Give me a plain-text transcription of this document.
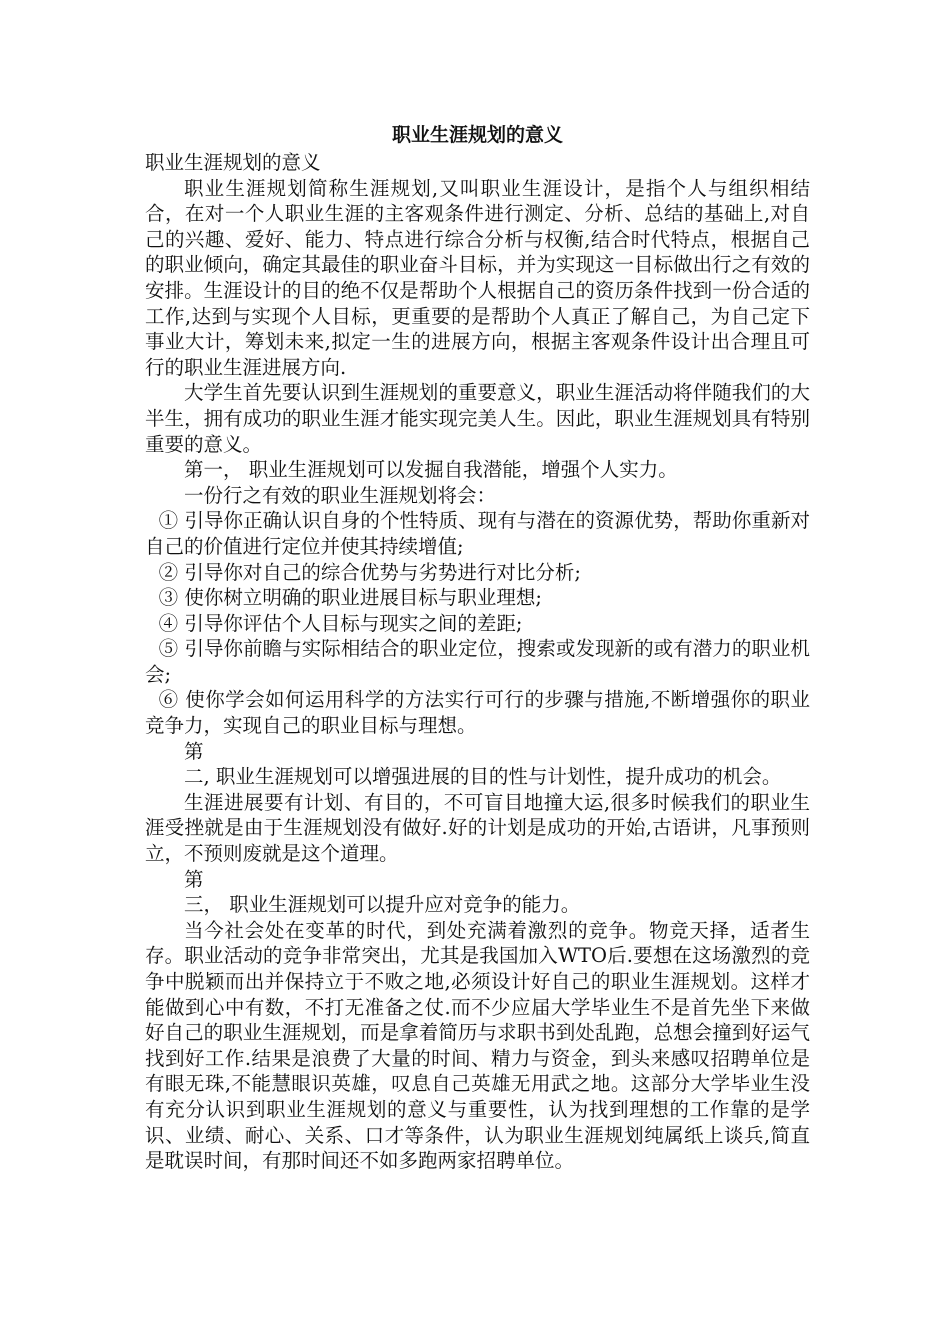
职业生涯规划的意义

职业生涯规划的意义

职业生涯规划简称生涯规划,又叫职业生涯设计，是指个人与组织相结合，在对一个人职业生涯的主客观条件进行测定、分析、总结的基础上,对自己的兴趣、爱好、能力、特点进行综合分析与权衡,结合时代特点，根据自己的职业倾向，确定其最佳的职业奋斗目标，并为实现这一目标做出行之有效的安排。生涯设计的目的绝不仅是帮助个人根据自己的资历条件找到一份合适的工作,达到与实现个人目标，更重要的是帮助个人真正了解自己，为自己定下事业大计，筹划未来,拟定一生的进展方向，根据主客观条件设计出合理且可行的职业生涯进展方向.

大学生首先要认识到生涯规划的重要意义，职业生涯活动将伴随我们的大半生，拥有成功的职业生涯才能实现完美人生。因此，职业生涯规划具有特别重要的意义。

第一， 职业生涯规划可以发掘自我潜能，增强个人实力。

一份行之有效的职业生涯规划将会：

① 引导你正确认识自身的个性特质、现有与潜在的资源优势，帮助你重新对自己的价值进行定位并使其持续增值;

② 引导你对自己的综合优势与劣势进行对比分析;

③ 使你树立明确的职业进展目标与职业理想;

④ 引导你评估个人目标与现实之间的差距;

⑤ 引导你前瞻与实际相结合的职业定位，搜索或发现新的或有潜力的职业机会;

⑥ 使你学会如何运用科学的方法实行可行的步骤与措施,不断增强你的职业竞争力，实现自己的职业目标与理想。

第

二, 职业生涯规划可以增强进展的目的性与计划性，提升成功的机会。

生涯进展要有计划、有目的，不可盲目地撞大运,很多时候我们的职业生涯受挫就是由于生涯规划没有做好.好的计划是成功的开始,古语讲，凡事预则立，不预则废就是这个道理。

第

三， 职业生涯规划可以提升应对竞争的能力。

当今社会处在变革的时代，到处充满着激烈的竞争。物竞天择，适者生存。职业活动的竞争非常突出，尤其是我国加入WTO后.要想在这场激烈的竞争中脱颖而出并保持立于不败之地,必须设计好自己的职业生涯规划。这样才能做到心中有数，不打无准备之仗.而不少应届大学毕业生不是首先坐下来做好自己的职业生涯规划，而是拿着简历与求职书到处乱跑，总想会撞到好运气找到好工作.结果是浪费了大量的时间、精力与资金，到头来感叹招聘单位是有眼无珠,不能慧眼识英雄，叹息自己英雄无用武之地。这部分大学毕业生没有充分认识到职业生涯规划的意义与重要性，认为找到理想的工作靠的是学识、业绩、耐心、关系、口才等条件，认为职业生涯规划纯属纸上谈兵,简直是耽误时间，有那时间还不如多跑两家招聘单位。
